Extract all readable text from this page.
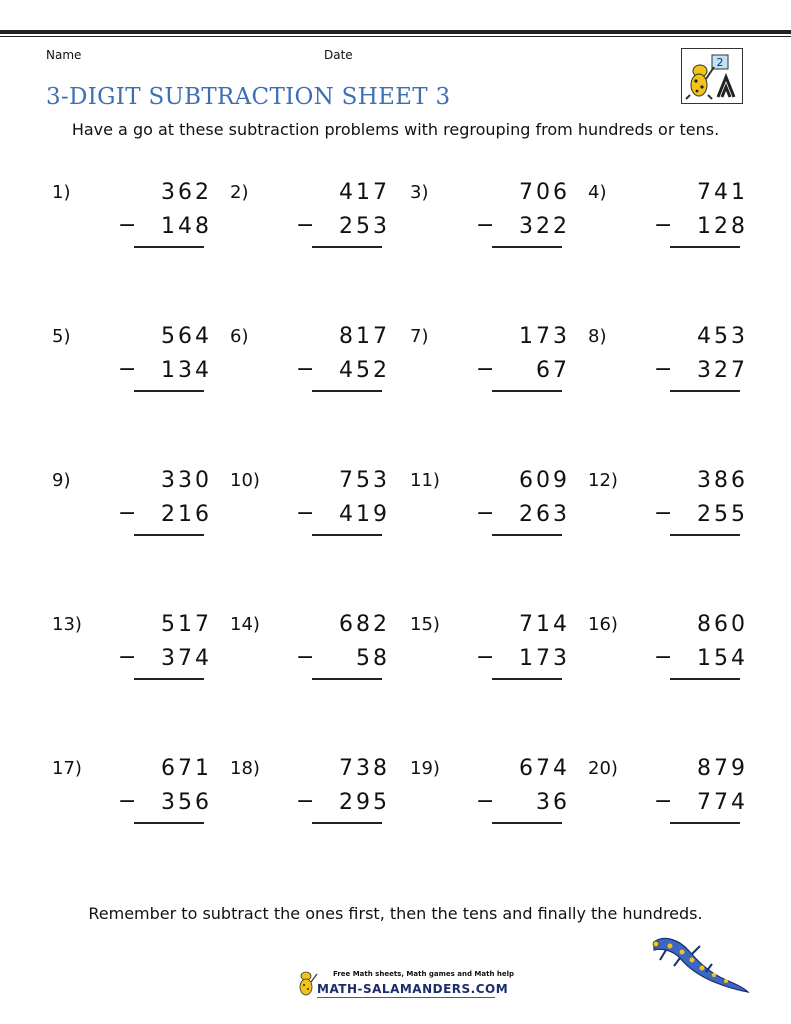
Name	Date
3-DIGIT SUBTRACTION SHEET 3
2
Have a go at these subtraction problems with regrouping from hundreds or tens.
1)	362
− 148
2)	417
− 253
3)	706
− 322
4)	741
− 128
5)	564
− 134
6)	817
− 452
7)	173
− 67
8)	453
− 327
9)	330
− 216
10)	753
− 419
11)	609
− 263
12)	386
− 255
13)	517
− 374
14)	682
− 58
15)	714
− 173
16)	860
− 154
17)	671
− 356
18)	738
− 295
19)	674
− 36
20)	879
− 774
Remember to subtract the ones first, then the tens and finally the hundreds.
Free Math sheets, Math games and Math help
MATH-SALAMANDERS.COM
